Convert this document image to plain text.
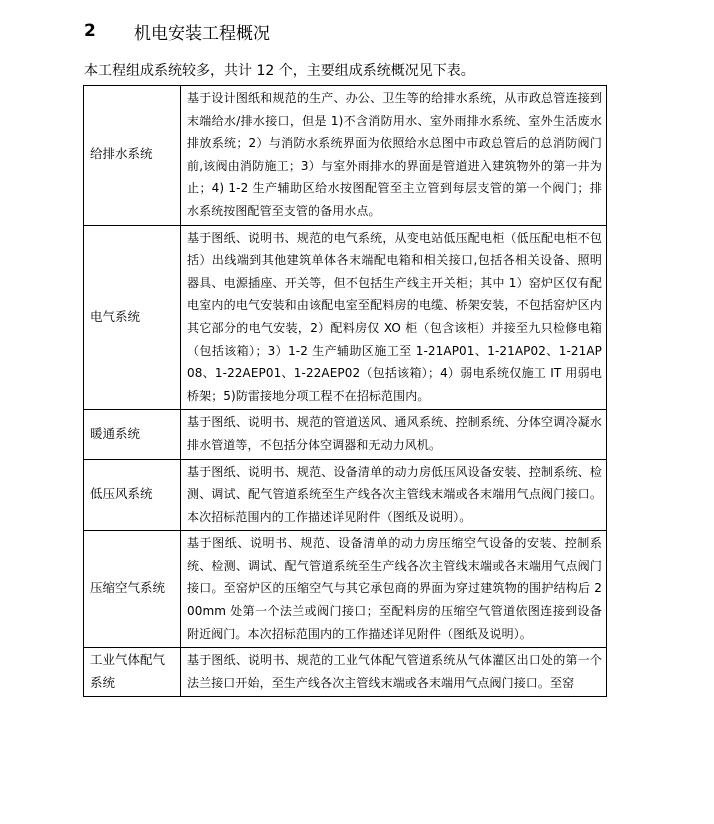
2	机电安装工程概况
本工程组成系统较多，共计 12 个，主要组成系统概况见下表。
给排水系统	基于设计图纸和规范的生产、办公、卫生等的给排水系统，从市政总管连接到末端给水/排水接口，但是 1)不含消防用水、室外雨排水系统、室外生活废水排放系统；2）与消防水系统界面为依照给水总图中市政总管后的总消防阀门前,该阀由消防施工；3）与室外雨排水的界面是管道进入建筑物外的第一井为止；4) 1-2 生产辅助区给水按图配管至主立管到每层支管的第一个阀门；排水系统按图配管至支管的备用水点。
电气系统	基于图纸、说明书、规范的电气系统，从变电站低压配电柜（低压配电柜不包括）出线端到其他建筑单体各末端配电箱和相关接口,包括各相关设备、照明器具、电源插座、开关等，但不包括生产线主开关柜；其中 1）窑炉区仅有配电室内的电气安装和由该配电室至配料房的电缆、桥架安装，不包括窑炉区内其它部分的电气安装，2）配料房仅 XO 柜（包含该柜）并接至九只检修电箱（包括该箱）；3）1-2 生产辅助区施工至 1-21AP01、1-21AP02、1-21AP08、1-22AEP01、1-22AEP02（包括该箱）；4）弱电系统仅施工 IT 用弱电桥架；5)防雷接地分项工程不在招标范围内。
暖通系统	基于图纸、说明书、规范的管道送风、通风系统、控制系统、分体空调冷凝水排水管道等，不包括分体空调器和无动力风机。
低压风系统	基于图纸、说明书、规范、设备清单的动力房低压风设备安装、控制系统、检测、调试、配气管道系统至生产线各次主管线末端或各末端用气点阀门接口。本次招标范围内的工作描述详见附件（图纸及说明）。
压缩空气系统	基于图纸、说明书、规范、设备清单的动力房压缩空气设备的安装、控制系统、检测、调试、配气管道系统至生产线各次主管线末端或各末端用气点阀门接口。至窑炉区的压缩空气与其它承包商的界面为穿过建筑物的围护结构后 200mm 处第一个法兰或阀门接口；至配料房的压缩空气管道依图连接到设备附近阀门。本次招标范围内的工作描述详见附件（图纸及说明）。
工业气体配气系统	基于图纸、说明书、规范的工业气体配气管道系统从气体灌区出口处的第一个法兰接口开始，至生产线各次主管线末端或各末端用气点阀门接口。至窑
